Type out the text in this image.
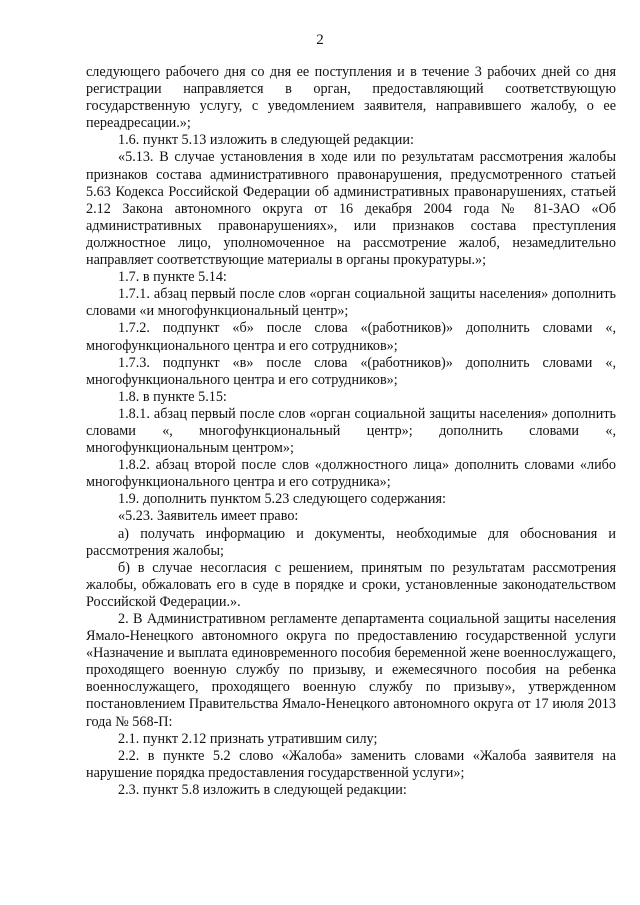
2

следующего рабочего дня со дня ее поступления и в течение 3 рабочих дней со дня регистрации направляется в орган, предоставляющий соответствующую государственную услугу, с уведомлением заявителя, направившего жалобу, о ее переадресации.»;

1.6. пункт 5.13 изложить в следующей редакции:

«5.13. В случае установления в ходе или по результатам рассмотрения жалобы признаков состава административного правонарушения, предусмотренного статьей 5.63 Кодекса Российской Федерации об административных правонарушениях, статьей 2.12 Закона автономного округа от 16 декабря 2004 года № 81-ЗАО «Об административных правонарушениях», или признаков состава преступления должностное лицо, уполномоченное на рассмотрение жалоб, незамедлительно направляет соответствующие материалы в органы прокуратуры.»;

1.7. в пункте 5.14:

1.7.1. абзац первый после слов «орган социальной защиты населения» дополнить словами «и многофункциональный центр»;

1.7.2. подпункт «б» после слова «(работников)» дополнить словами «, многофункционального центра и его сотрудников»;

1.7.3. подпункт «в» после слова «(работников)» дополнить словами «, многофункционального центра и его сотрудников»;

1.8. в пункте 5.15:

1.8.1. абзац первый после слов «орган социальной защиты населения» дополнить словами «, многофункциональный центр»; дополнить словами «, многофункциональным центром»;

1.8.2. абзац второй после слов «должностного лица» дополнить словами «либо многофункционального центра и его сотрудника»;

1.9. дополнить пунктом 5.23 следующего содержания:

«5.23. Заявитель имеет право:

а) получать информацию и документы, необходимые для обоснования и рассмотрения жалобы;

б) в случае несогласия с решением, принятым по результатам рассмотрения жалобы, обжаловать его в суде в порядке и сроки, установленные законодательством Российской Федерации.».

2. В Административном регламенте департамента социальной защиты населения Ямало-Ненецкого автономного округа по предоставлению государственной услуги «Назначение и выплата единовременного пособия беременной жене военнослужащего, проходящего военную службу по призыву, и ежемесячного пособия на ребенка военнослужащего, проходящего военную службу по призыву», утвержденном постановлением Правительства Ямало-Ненецкого автономного округа от 17 июля 2013 года № 568-П:

2.1. пункт 2.12 признать утратившим силу;

2.2. в пункте 5.2 слово «Жалоба» заменить словами «Жалоба заявителя на нарушение порядка предоставления государственной услуги»;

2.3. пункт 5.8 изложить в следующей редакции:
